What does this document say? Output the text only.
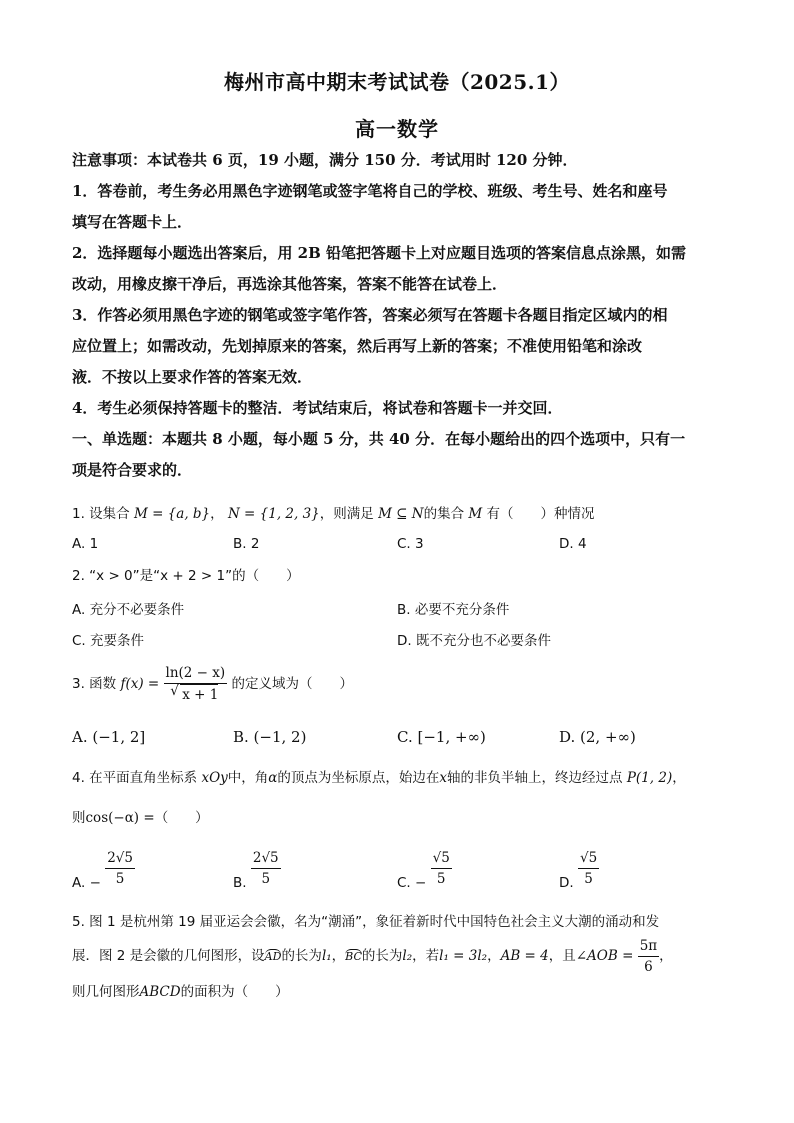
梅州市高中期末考试试卷（2025.1）
高一数学

注意事项：本试卷共 6 页，19 小题，满分 150 分．考试用时 120 分钟．

1．答卷前，考生务必用黑色字迹钢笔或签字笔将自己的学校、班级、考生号、姓名和座号

填写在答题卡上．

2．选择题每小题选出答案后，用 2B 铅笔把答题卡上对应题目选项的答案信息点涂黑，如需

改动，用橡皮擦干净后，再选涂其他答案，答案不能答在试卷上．

3．作答必须用黑色字迹的钢笔或签字笔作答，答案必须写在答题卡各题目指定区域内的相

应位置上；如需改动，先划掉原来的答案，然后再写上新的答案；不准使用铅笔和涂改

液．不按以上要求作答的答案无效．

4．考生必须保持答题卡的整洁．考试结束后，将试卷和答题卡一并交回．

一、单选题：本题共 8 小题，每小题 5 分，共 40 分．在每小题给出的四个选项中，只有一

项是符合要求的．

1. 设集合 M = {a, b}， N = {1, 2, 3}，则满足 M ⊆ N的集合 M 有（　　）种情况
A. 1	B. 2	C. 3	D. 4
2. “x > 0”是“x + 2 > 1”的（　　）
A. 充分不必要条件	B. 必要不充分条件
C. 充要条件	D. 既不充分也不必要条件
3. 函数 f(x) = ln(2 − x)
√ x + 1 的定义域为（　　）
A. (−1, 2]	B. (−1, 2)	C. [−1, +∞)	D. (2, +∞)
4. 在平面直角坐标系 xOy中，角α的顶点为坐标原点，始边在x轴的非负半轴上，终边经过点 P(1, 2)，
则cos(−α) =（　　）
A. − $\frac{2√5}{5}$	B. $\frac{2√5}{5}$	C. − $\frac{√5}{5}$	D. $\frac{√5}{5}$
5. 图 1 是杭州第 19 届亚运会会徽，名为“潮涌”，象征着新时代中国特色社会主义大潮的涌动和发
展．图 2 是会徽的几何图形，设AD的长为l₁，BC的长为l₂，若l₁ = 3l₂，AB = 4，且∠AOB = $\frac{5\pi}{6}$ ，
则几何图形ABCD的面积为（　　）
